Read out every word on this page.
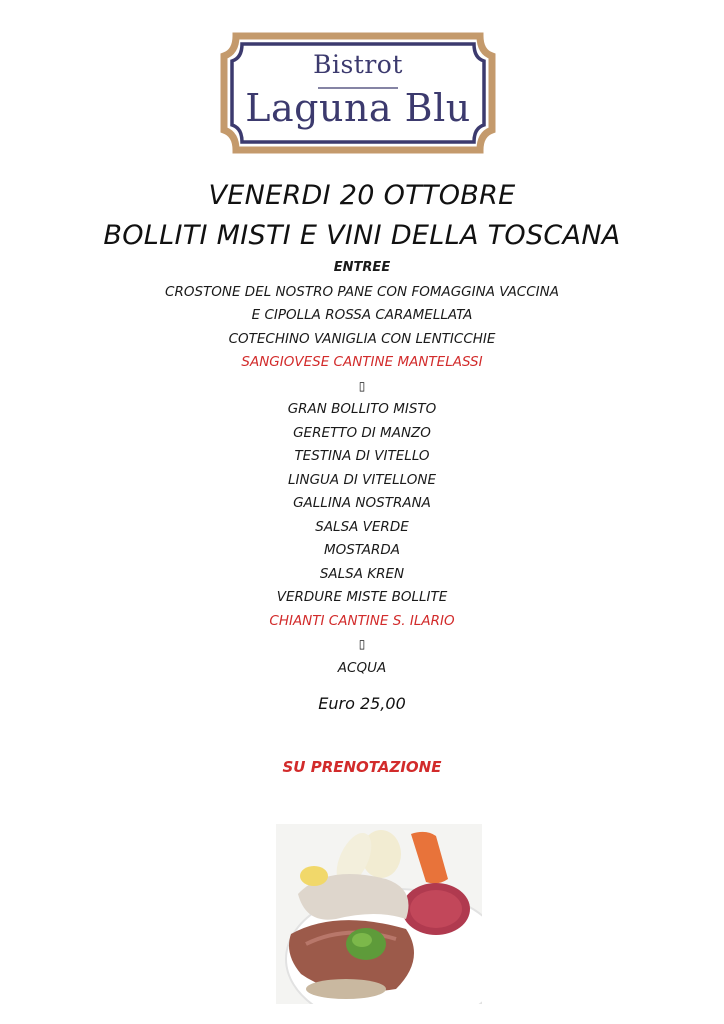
Bistrot
Laguna Blu
VENERDI 20 OTTOBRE
BOLLITI MISTI E VINI DELLA TOSCANA
ENTREE
CROSTONE DEL NOSTRO PANE CON FOMAGGINA VACCINA
E CIPOLLA ROSSA CARAMELLATA
COTECHINO VANIGLIA CON LENTICCHIE
SANGIOVESE CANTINE MANTELASSI
▯
GRAN BOLLITO MISTO
GERETTO DI MANZO
TESTINA DI VITELLO
LINGUA DI VITELLONE
GALLINA NOSTRANA
SALSA VERDE
MOSTARDA
SALSA KREN
VERDURE MISTE BOLLITE
CHIANTI CANTINE S. ILARIO
▯
ACQUA
Euro 25,00
SU PRENOTAZIONE
